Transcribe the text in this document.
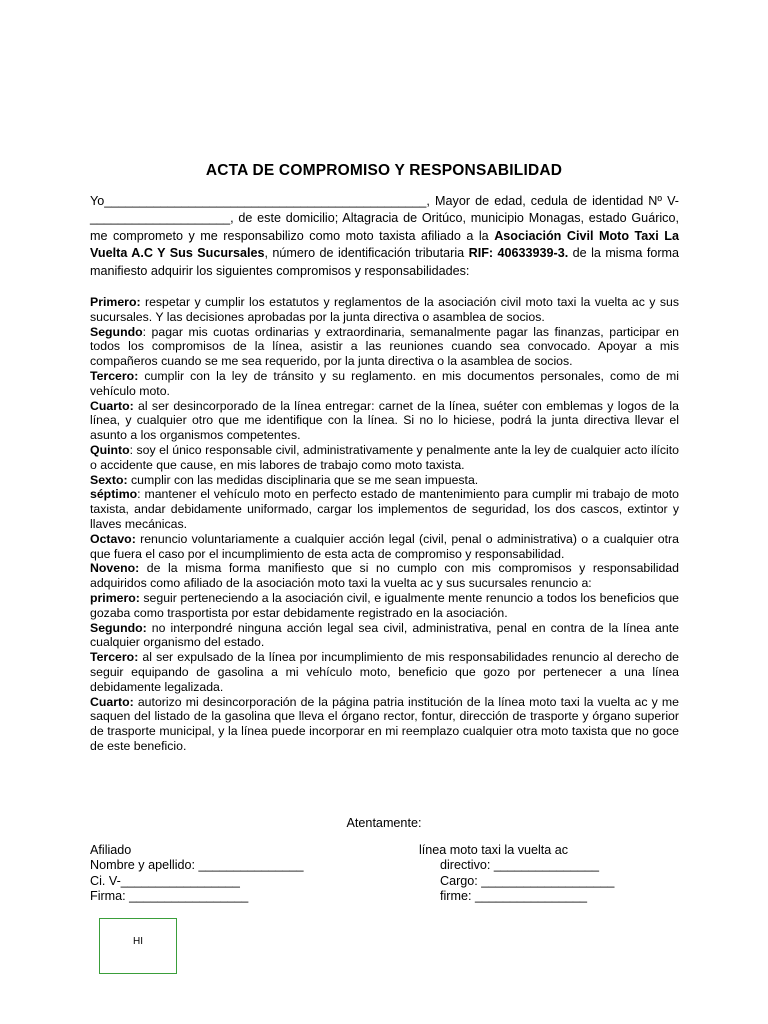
ACTA DE COMPROMISO Y RESPONSABILIDAD

Yo______________________________________________, Mayor de edad, cedula de identidad Nº V-____________________, de este domicilio; Altagracia de Oritúco, municipio Monagas, estado Guárico, me comprometo y me responsabilizo como moto taxista afiliado a la Asociación Civil Moto Taxi La Vuelta A.C Y Sus Sucursales, número de identificación tributaria RIF: 40633939-3. de la misma forma manifiesto adquirir los siguientes compromisos y responsabilidades:

Primero: respetar y cumplir los estatutos y reglamentos de la asociación civil moto taxi la vuelta ac y sus sucursales. Y las decisiones aprobadas por la junta directiva o asamblea de socios.

Segundo: pagar mis cuotas ordinarias y extraordinaria, semanalmente pagar las finanzas, participar en todos los compromisos de la línea, asistir a las reuniones cuando sea convocado. Apoyar a mis compañeros cuando se me sea requerido, por la junta directiva o la asamblea de socios.

Tercero: cumplir con la ley de tránsito y su reglamento. en mis documentos personales, como de mi vehículo moto.

Cuarto: al ser desincorporado de la línea entregar: carnet de la línea, suéter con emblemas y logos de la línea, y cualquier otro que me identifique con la línea. Si no lo hiciese, podrá la junta directiva llevar el asunto a los organismos competentes.

Quinto: soy el único responsable civil, administrativamente y penalmente ante la ley de cualquier acto ilícito o accidente que cause, en mis labores de trabajo como moto taxista.

Sexto: cumplir con las medidas disciplinaria que se me sean impuesta.

séptimo: mantener el vehículo moto en perfecto estado de mantenimiento para cumplir mi trabajo de moto taxista, andar debidamente uniformado, cargar los implementos de seguridad, los dos cascos, extintor y llaves mecánicas.

Octavo: renuncio voluntariamente a cualquier acción legal (civil, penal o administrativa) o a cualquier otra que fuera el caso por el incumplimiento de esta acta de compromiso y responsabilidad.

Noveno: de la misma forma manifiesto que si no cumplo con mis compromisos y responsabilidad adquiridos como afiliado de la asociación moto taxi la vuelta ac y sus sucursales renuncio a:

primero: seguir perteneciendo a la asociación civil, e igualmente mente renuncio a todos los beneficios que gozaba como trasportista por estar debidamente registrado en la asociación.

Segundo: no interpondré ninguna acción legal sea civil, administrativa, penal en contra de la línea ante cualquier organismo del estado.

Tercero: al ser expulsado de la línea por incumplimiento de mis responsabilidades renuncio al derecho de seguir equipando de gasolina a mi vehículo moto, beneficio que gozo por pertenecer a una línea debidamente legalizada.

Cuarto: autorizo mi desincorporación de la página patria institución de la línea moto taxi la vuelta ac y me saquen del listado de la gasolina que lleva el órgano rector, fontur, dirección de trasporte y órgano superior de trasporte municipal, y la línea puede incorporar en mi reemplazo cualquier otra moto taxista que no goce de este beneficio.

Atentamente:
Afiliado
Nombre y apellido: _______________
Ci. V-_________________
Firma: _________________
línea moto taxi la vuelta ac
directivo: _______________
Cargo: ___________________
firme: ________________
HI
